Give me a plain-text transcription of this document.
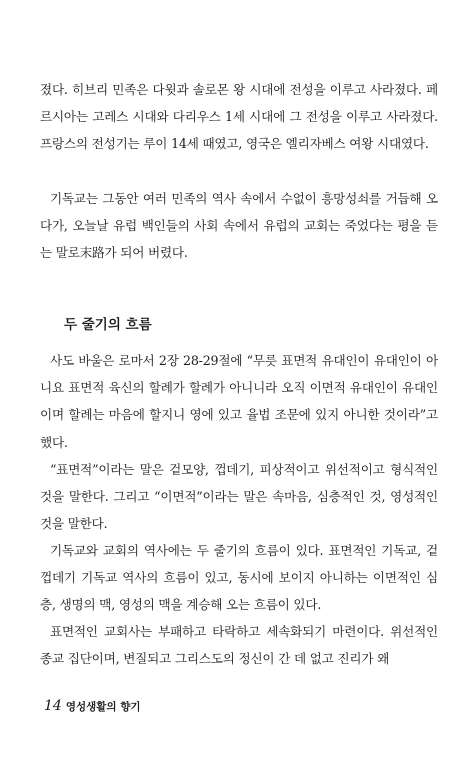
졌다. 히브리 민족은 다윗과 솔로몬 왕 시대에 전성을 이루고 사라졌다. 페르시아는 고레스 시대와 다리우스 1세 시대에 그 전성을 이루고 사라졌다. 프랑스의 전성기는 루이 14세 때였고, 영국은 엘리자베스 여왕 시대였다.

기독교는 그동안 여러 민족의 역사 속에서 수없이 흥망성쇠를 거듭해 오다가, 오늘날 유럽 백인들의 사회 속에서 유럽의 교회는 죽었다는 평을 듣는 말로末路가 되어 버렸다.

두 줄기의 흐름

사도 바울은 로마서 2장 28-29절에 “무릇 표면적 유대인이 유대인이 아니요 표면적 육신의 할례가 할례가 아니니라 오직 이면적 유대인이 유대인이며 할례는 마음에 할지니 영에 있고 율법 조문에 있지 아니한 것이라”고 했다.

“표면적”이라는 말은 겉모양, 껍데기, 피상적이고 위선적이고 형식적인 것을 말한다. 그리고 “이면적”이라는 말은 속마음, 심층적인 것, 영성적인 것을 말한다.

기독교와 교회의 역사에는 두 줄기의 흐름이 있다. 표면적인 기독교, 겉껍데기 기독교 역사의 흐름이 있고, 동시에 보이지 아니하는 이면적인 심층, 생명의 맥, 영성의 맥을 계승해 오는 흐름이 있다.

표면적인 교회사는 부패하고 타락하고 세속화되기 마련이다. 위선적인 종교 집단이며, 변질되고 그리스도의 정신이 간 데 없고 진리가 왜

14 영성생활의 향기
